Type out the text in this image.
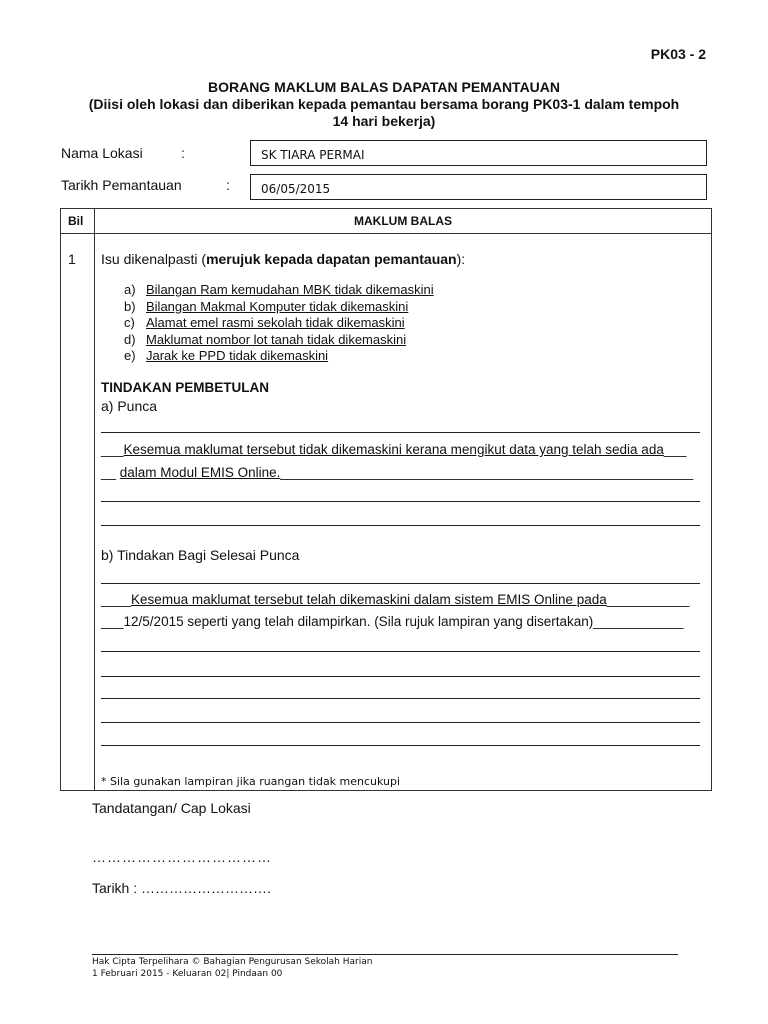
PK03 - 2
BORANG MAKLUM BALAS DAPATAN PEMANTAUAN
(Diisi oleh lokasi dan diberikan kepada pemantau bersama borang PK03-1 dalam tempoh
14 hari bekerja)
Nama Lokasi	:	SK TIARA PERMAI
Tarikh Pemantauan	:	06/05/2015
Bil	MAKLUM BALAS
1 Isu dikenalpasti (merujuk kepada dapatan pemantauan):
a) Bilangan Ram kemudahan MBK tidak dikemaskini
b) Bilangan Makmal Komputer tidak dikemaskini
c) Alamat emel rasmi sekolah tidak dikemaskini
d) Maklumat nombor lot tanah tidak dikemaskini
e) Jarak ke PPD tidak dikemaskini
TINDAKAN PEMBETULAN
a) Punca
___Kesemua maklumat tersebut tidak dikemaskini kerana mengikut data yang telah sedia ada___
__ dalam Modul EMIS Online._______________________________________________________
b) Tindakan Bagi Selesai Punca
____Kesemua maklumat tersebut telah dikemaskini dalam sistem EMIS Online pada___________
___12/5/2015 seperti yang telah dilampirkan. (Sila rujuk lampiran yang disertakan)____________
* Sila gunakan lampiran jika ruangan tidak mencukupi
Tandatangan/ Cap Lokasi
………………………………
Tarikh : ……………………….
Hak Cipta Terpelihara © Bahagian Pengurusan Sekolah Harian
1 Februari 2015 - Keluaran 02| Pindaan 00
